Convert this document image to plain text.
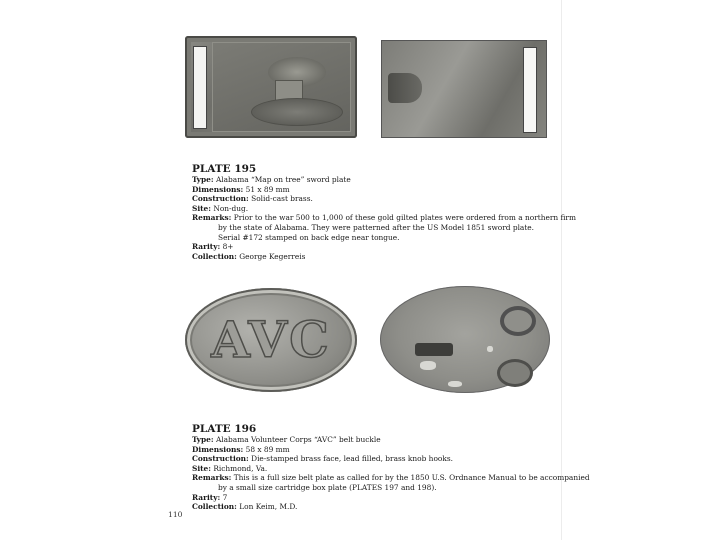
PLATE 195
Type: Alabama “Map on tree” sword plate
Dimensions: 51 x 89 mm
Construction: Solid-cast brass.
Site: Non-dug.
Remarks: Prior to the war 500 to 1,000 of these gold gilted plates were ordered from a northern firm
by the state of Alabama. They were patterned after the US Model 1851 sword plate.
Serial #172 stamped on back edge near tongue.
Rarity: 8+
Collection: George Kegerreis
AVC
PLATE 196
Type: Alabama Volunteer Corps “AVC” belt buckle
Dimensions: 58 x 89 mm
Construction: Die-stamped brass face, lead filled, brass knob hooks.
Site: Richmond, Va.
Remarks: This is a full size belt plate as called for by the 1850 U.S. Ordnance Manual to be accompanied
by a small size cartridge box plate (PLATES 197 and 198).
Rarity: 7
Collection: Lon Keim, M.D.
110
